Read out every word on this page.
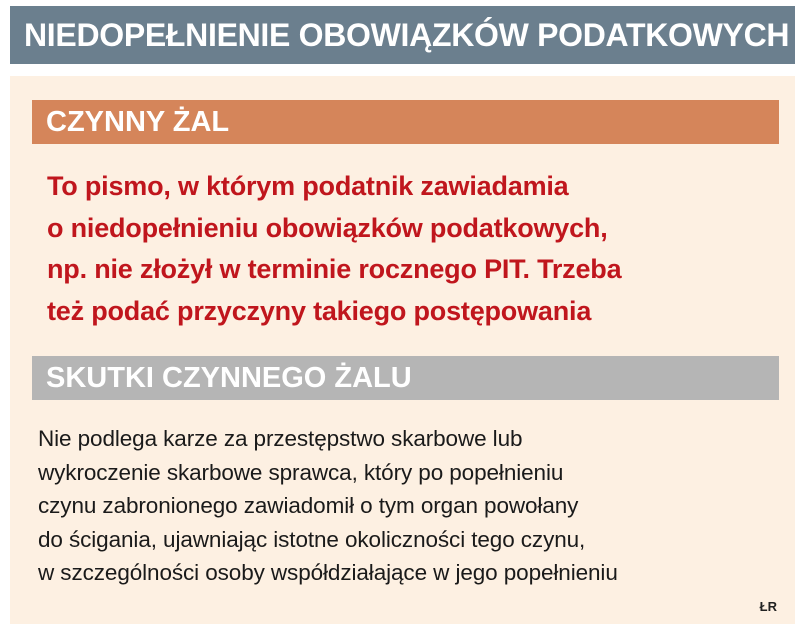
NIEDOPEŁNIENIE OBOWIĄZKÓW PODATKOWYCH
CZYNNY ŻAL
To pismo, w którym podatnik zawiadamia
o niedopełnieniu obowiązków podatkowych,
np. nie złożył w terminie rocznego PIT. Trzeba
też podać przyczyny takiego postępowania
SKUTKI CZYNNEGO ŻALU
Nie podlega karze za przestępstwo skarbowe lub
wykroczenie skarbowe sprawca, który po popełnieniu
czynu zabronionego zawiadomił o tym organ powołany
do ścigania, ujawniając istotne okoliczności tego czynu,
w szczególności osoby współdziałające w jego popełnieniu
ŁR
